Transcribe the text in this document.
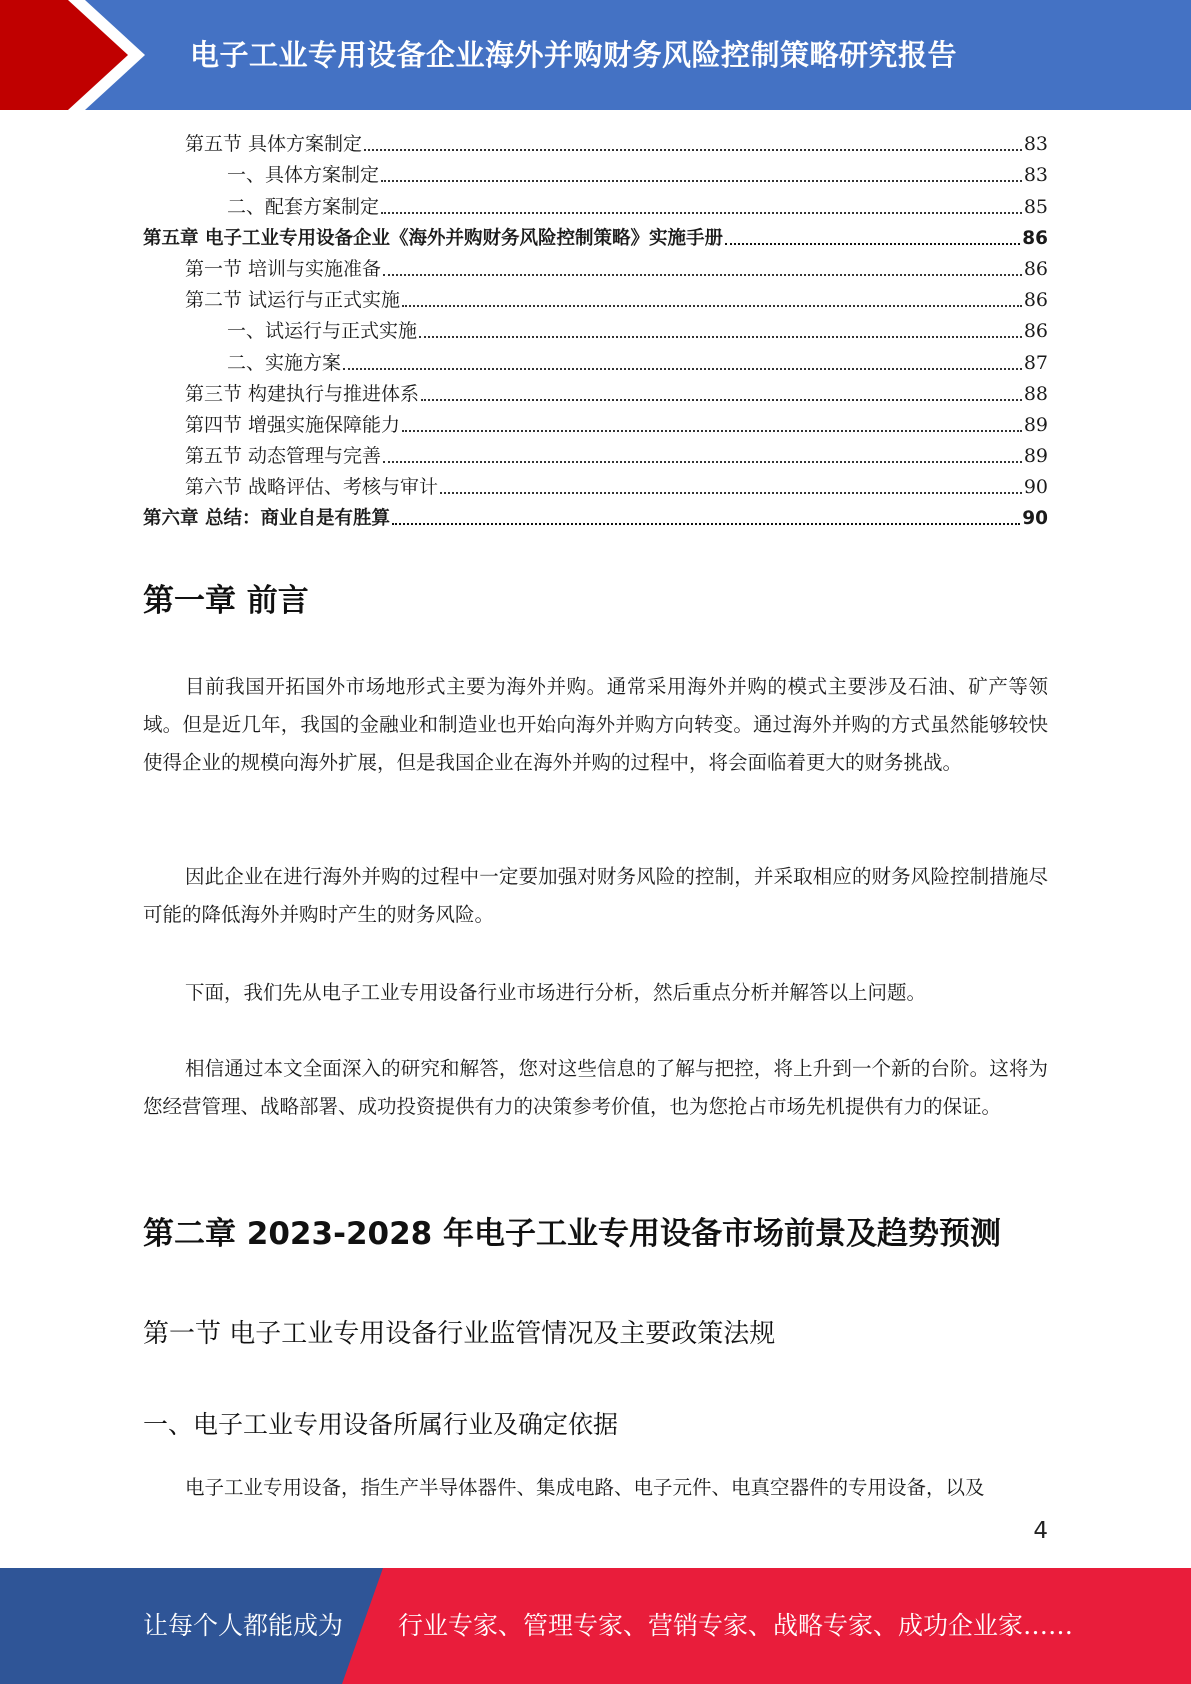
电子工业专用设备企业海外并购财务风险控制策略研究报告
第五节 具体方案制定	83
一、具体方案制定	83
二、配套方案制定	85
第五章 电子工业专用设备企业《海外并购财务风险控制策略》实施手册	86
第一节 培训与实施准备	86
第二节 试运行与正式实施	86
一、试运行与正式实施	86
二、实施方案	87
第三节 构建执行与推进体系	88
第四节 增强实施保障能力	89
第五节 动态管理与完善	89
第六节 战略评估、考核与审计	90
第六章 总结：商业自是有胜算	90
第一章 前言

目前我国开拓国外市场地形式主要为海外并购。通常采用海外并购的模式主要涉及石油、矿产等领域。但是近几年，我国的金融业和制造业也开始向海外并购方向转变。通过海外并购的方式虽然能够较快使得企业的规模向海外扩展，但是我国企业在海外并购的过程中，将会面临着更大的财务挑战。

因此企业在进行海外并购的过程中一定要加强对财务风险的控制，并采取相应的财务风险控制措施尽可能的降低海外并购时产生的财务风险。

下面，我们先从电子工业专用设备行业市场进行分析，然后重点分析并解答以上问题。

相信通过本文全面深入的研究和解答，您对这些信息的了解与把控，将上升到一个新的台阶。这将为您经营管理、战略部署、成功投资提供有力的决策参考价值，也为您抢占市场先机提供有力的保证。

第二章 2023-2028 年电子工业专用设备市场前景及趋势预测
第一节 电子工业专用设备行业监管情况及主要政策法规
一、电子工业专用设备所属行业及确定依据

电子工业专用设备，指生产半导体器件、集成电路、电子元件、电真空器件的专用设备，以及

4
让每个人都能成为 行业专家、管理专家、营销专家、战略专家、成功企业家……
